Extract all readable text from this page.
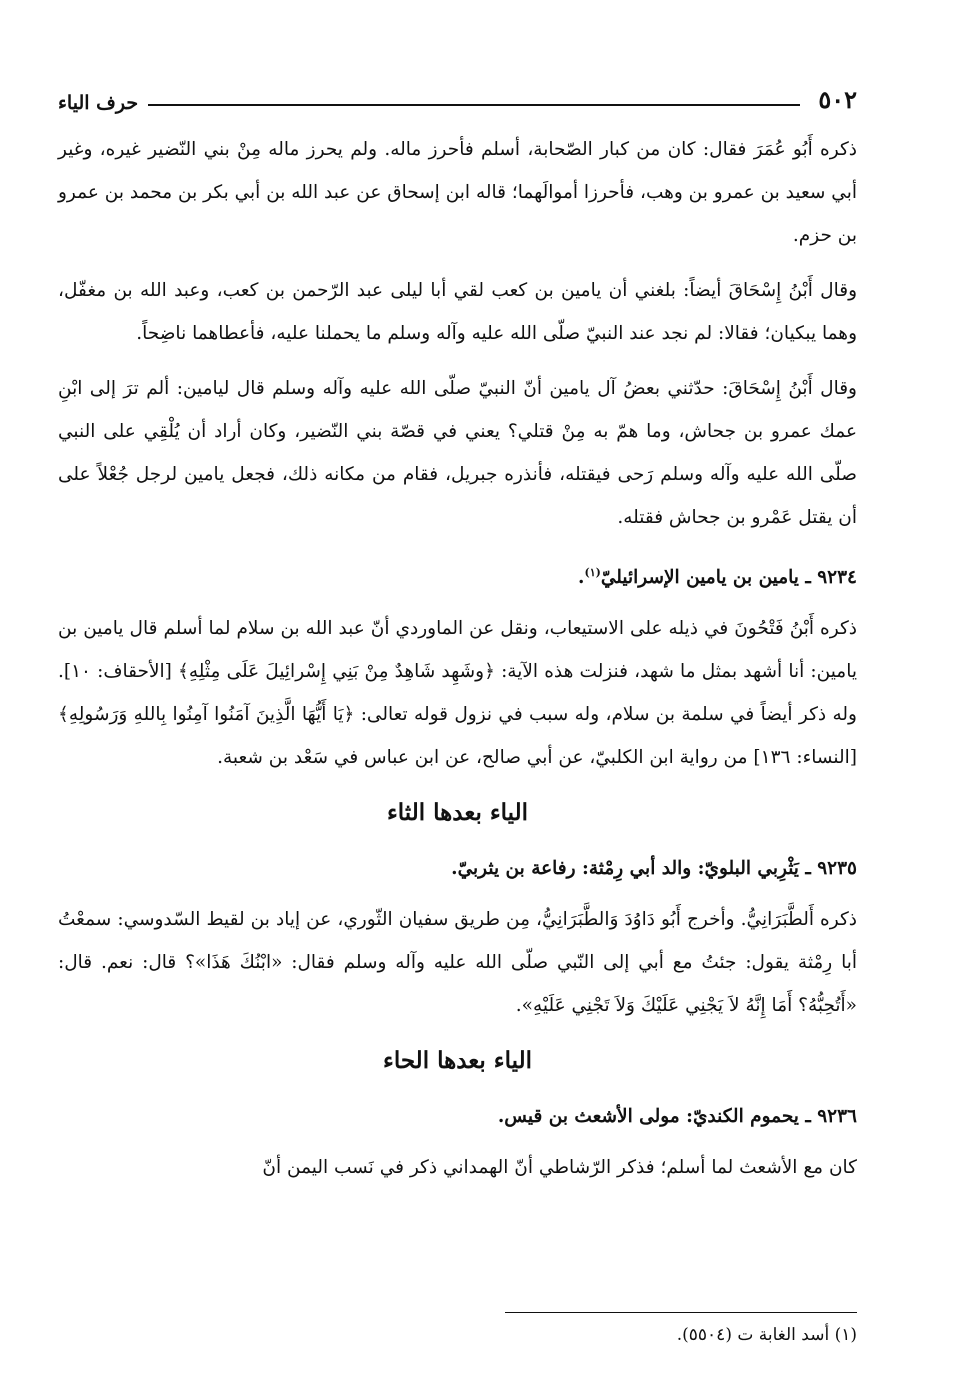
٥٠٢
حرف الياء

ذكره أَبُو عُمَرَ فقال: كان من كبار الصّحابة، أسلم فأحرز ماله. ولم يحرز ماله مِنْ بني النّضير غيره، وغير أبي سعيد بن عمرو بن وهب، فأحرزا أموالَهما؛ قاله ابن إسحاق عن عبد الله بن أبي بكر بن محمد بن عمرو بن حزم.

وقال أَبْنُ إِسْحَاقَ أيضاً: بلغني أن يامين بن كعب لقي أبا ليلى عبد الرّحمن بن كعب، وعبد الله بن مغفّل، وهما يبكيان؛ فقالا: لم نجد عند النبيّ صلّى الله عليه وآله وسلم ما يحملنا عليه، فأعطاهما ناضِحاً.

وقال أَبْنُ إِسْحَاقَ: حدّثني بعضُ آل يامين أنّ النبيّ صلّى الله عليه وآله وسلم قال ليامين: ألم ترَ إلى ابْنِ عمك عمرو بن جحاش، وما همّ به مِنْ قتلي؟ يعني في قصّة بني النّضير، وكان أراد أن يُلْقِي على النبي صلّى الله عليه وآله وسلم رَحى فيقتله، فأنذره جبريل، فقام من مكانه ذلك، فجعل يامين لرجل جُعْلاً على أن يقتل عَمْرو بن جحاش فقتله.

٩٢٣٤ ـ يامين بن يامين الإسرائيليّ$^{(١)}$.

ذكره أَبْنُ فَتْحُونَ في ذيله على الاستيعاب، ونقل عن الماوردي أنّ عبد الله بن سلام لما أسلم قال يامين بن يامين: أنا أشهد بمثل ما شهد، فنزلت هذه الآية: ﴿وشَهِد شَاهِدٌ مِنْ بَنِي إِسْرائِيلَ عَلَى مِثْلِهِ﴾ [الأحقاف: ١٠]. وله ذكر أيضاً في سلمة بن سلام، وله سبب في نزول قوله تعالى: ﴿يَا أَيُّهَا الَّذِينَ آمَنُوا آمِنُوا بِاللهِ وَرَسُولِهِ﴾ [النساء: ١٣٦] من رواية ابن الكلبيّ، عن أبي صالح، عن ابن عباس في سَعْد بن شعبة.

الياء بعدها الثاء

٩٢٣٥ ـ يَثْرِبي البلويّ: والد أبي رِمْثة: رفاعة بن يثربيّ.

ذكره أَلطَّبَرَانِيُّ. وأخرج أَبُو دَاوُدَ وَالطَّبَرَانِيُّ، مِن طريق سفيان الثّوري، عن إياد بن لقيط السّدوسي: سمعْتُ أبا رِمْثة يقول: جئتُ مع أبي إلى النّبي صلّى الله عليه وآله وسلم فقال: «ابْنُكَ هَذَا»؟ قال: نعم. قال: «أَتُحِبُّهُ؟ أَمَا إِنَّهُ لاَ يَجْنِي عَلَيْكَ وَلاَ تَجْنِي عَلَيْهِ».

الياء بعدها الحاء

٩٢٣٦ ـ يحموم الكنديّ: مولى الأشعث بن قيس.

كان مع الأشعث لما أسلم؛ فذكر الرّشاطي أنّ الهمداني ذكر في نَسب اليمن أنّ

(١) أسد الغابة ت (٥٥٠٤).
